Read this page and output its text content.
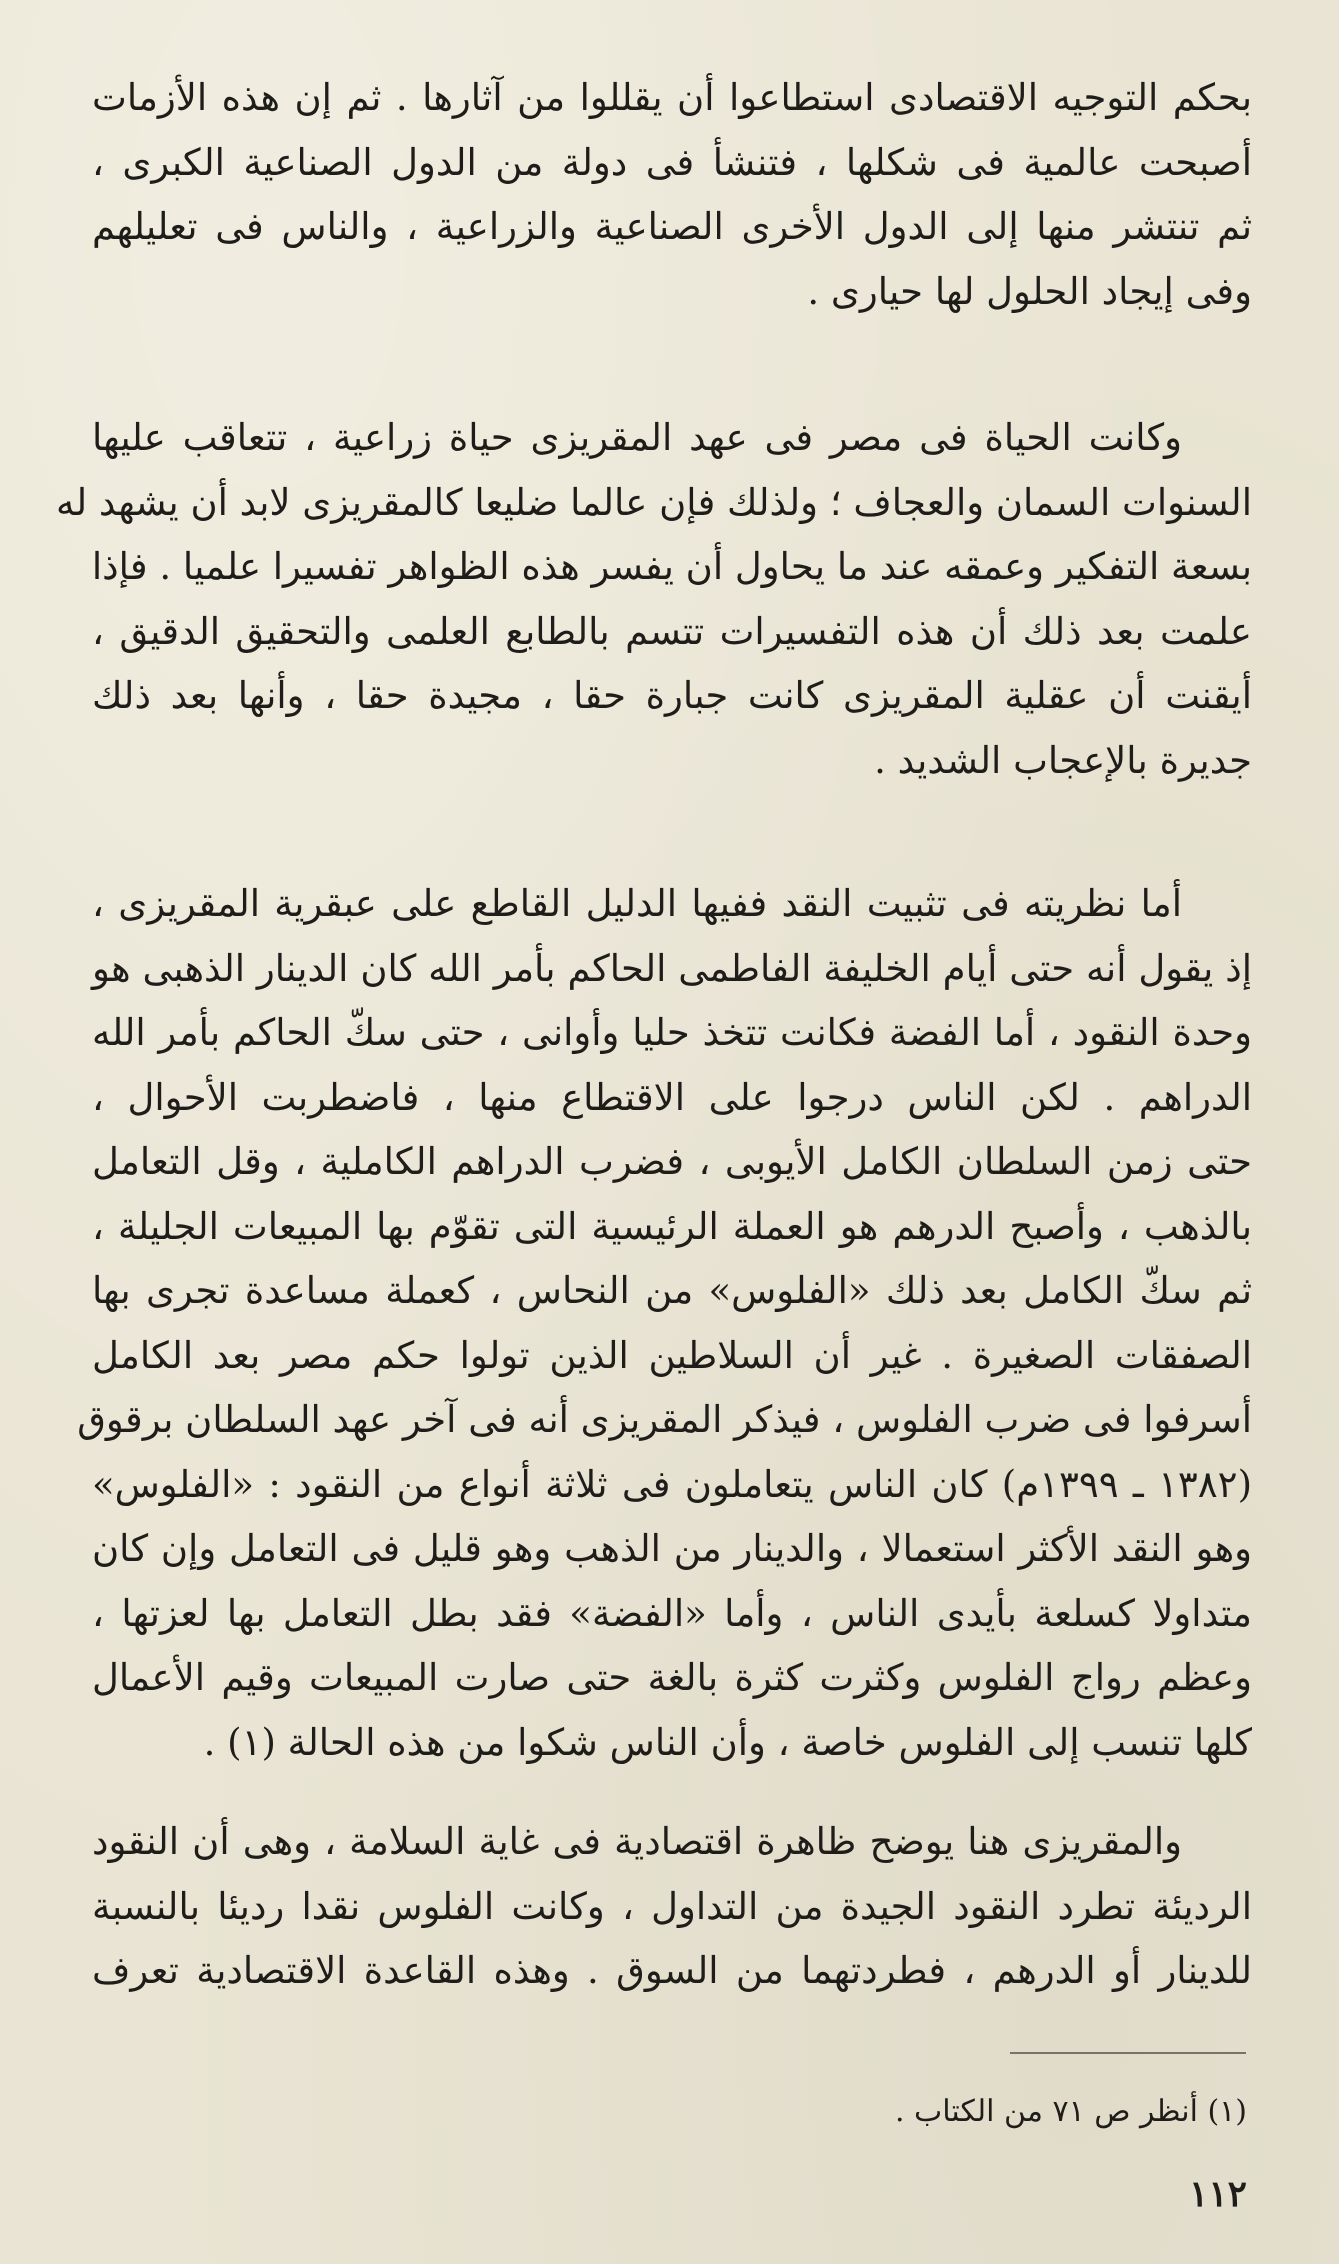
بحكم التوجيه الاقتصادى استطاعوا أن يقللوا من آثارها . ثم إن هذه الأزمات
أصبحت عالمية فى شكلها ، فتنشأ فى دولة من الدول الصناعية الكبرى ،
ثم تنتشر منها إلى الدول الأخرى الصناعية والزراعية ، والناس فى تعليلهم
وفى إيجاد الحلول لها حيارى .
وكانت الحياة فى مصر فى عهد المقريزى حياة زراعية ، تتعاقب عليها
السنوات السمان والعجاف ؛ ولذلك فإن عالما ضليعا كالمقريزى لابد أن يشهد له
بسعة التفكير وعمقه عند ما يحاول أن يفسر هذه الظواهر تفسيرا علميا . فإذا
علمت بعد ذلك أن هذه التفسيرات تتسم بالطابع العلمى والتحقيق الدقيق ،
أيقنت أن عقلية المقريزى كانت جبارة حقا ، مجيدة حقا ، وأنها بعد ذلك
جديرة بالإعجاب الشديد .
أما نظريته فى تثبيت النقد ففيها الدليل القاطع على عبقرية المقريزى ،
إذ يقول أنه حتى أيام الخليفة الفاطمى الحاكم بأمر الله كان الدينار الذهبى هو
وحدة النقود ، أما الفضة فكانت تتخذ حليا وأوانى ، حتى سكّ الحاكم بأمر الله
الدراهم . لكن الناس درجوا على الاقتطاع منها ، فاضطربت الأحوال ،
حتى زمن السلطان الكامل الأيوبى ، فضرب الدراهم الكاملية ، وقل التعامل
بالذهب ، وأصبح الدرهم هو العملة الرئيسية التى تقوّم بها المبيعات الجليلة ،
ثم سكّ الكامل بعد ذلك «الفلوس» من النحاس ، كعملة مساعدة تجرى بها
الصفقات الصغيرة . غير أن السلاطين الذين تولوا حكم مصر بعد الكامل
أسرفوا فى ضرب الفلوس ، فيذكر المقريزى أنه فى آخر عهد السلطان برقوق
(١٣٨٢ ـ ١٣٩٩م) كان الناس يتعاملون فى ثلاثة أنواع من النقود : «الفلوس»
وهو النقد الأكثر استعمالا ، والدينار من الذهب وهو قليل فى التعامل وإن كان
متداولا كسلعة بأيدى الناس ، وأما «الفضة» فقد بطل التعامل بها لعزتها ،
وعظم رواج الفلوس وكثرت كثرة بالغة حتى صارت المبيعات وقيم الأعمال
كلها تنسب إلى الفلوس خاصة ، وأن الناس شكوا من هذه الحالة (١) .
والمقريزى هنا يوضح ظاهرة اقتصادية فى غاية السلامة ، وهى أن النقود
الرديئة تطرد النقود الجيدة من التداول ، وكانت الفلوس نقدا رديئا بالنسبة
للدينار أو الدرهم ، فطردتهما من السوق . وهذه القاعدة الاقتصادية تعرف
(١) أنظر ص ٧١ من الكتاب .
١١٢
